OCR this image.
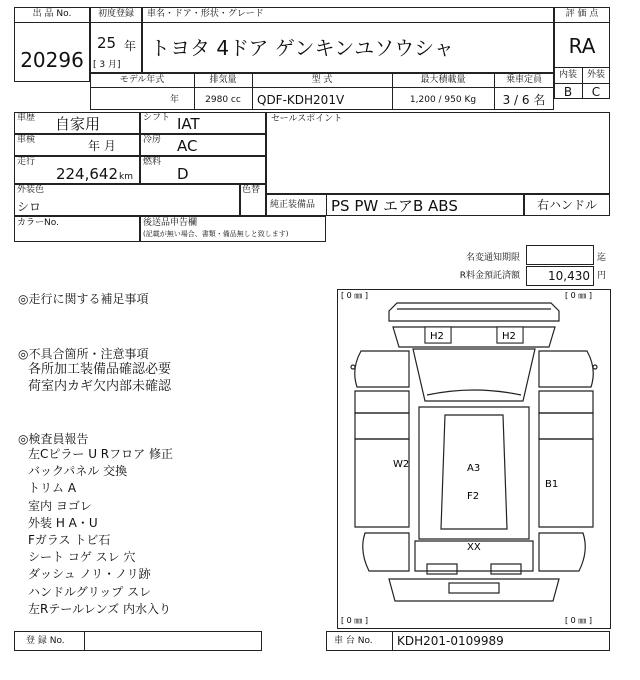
出 品 No.
20296
初度登録
25 年
[ 3 月]
車名・ドア・形状・グレード
トヨタ 4ドア ゲンキンユソウシャ
評 価 点
RA
内装	外装
B	C
モデル年式	排気量	型 式	最大積載量	乗車定員
年	2980 cc	QDF-KDH201V	1,200 / 950 Kg	3 / 6 名
車歴 自家用	シフト IAT
車検	年 月	冷房 AC
走行
224,642 km
燃料
D
外装色
シロ
色替
カラーNo.	後送品申告欄
(記載が無い場合、書類・備品無しと致します)
セールスポイント
純正装備品 PS PW エアB ABS	右ハンドル
名変通知期限	迄
R料金預託済額	10,430 円
◎走行に関する補足事項
◎不具合箇所・注意事項
各所加工装備品確認必要
荷室内カギ欠内部未確認
◎検査員報告
左Cピラー U Rフロア 修正
バックパネル 交換
トリム A
室内 ヨゴレ
外装 H A・U
Fガラス トビ石
シート コゲ スレ 穴
ダッシュ ノリ・ノリ跡
ハンドルグリップ スレ
左Rテールレンズ 内水入り
[ 0 ㎜ ]	[ 0 ㎜ ]
[ 0 ㎜ ]	[ 0 ㎜ ]
H2	H2
W2	A3
F2
B1
XX
登 録 No.	車 台 No. KDH201-0109989
